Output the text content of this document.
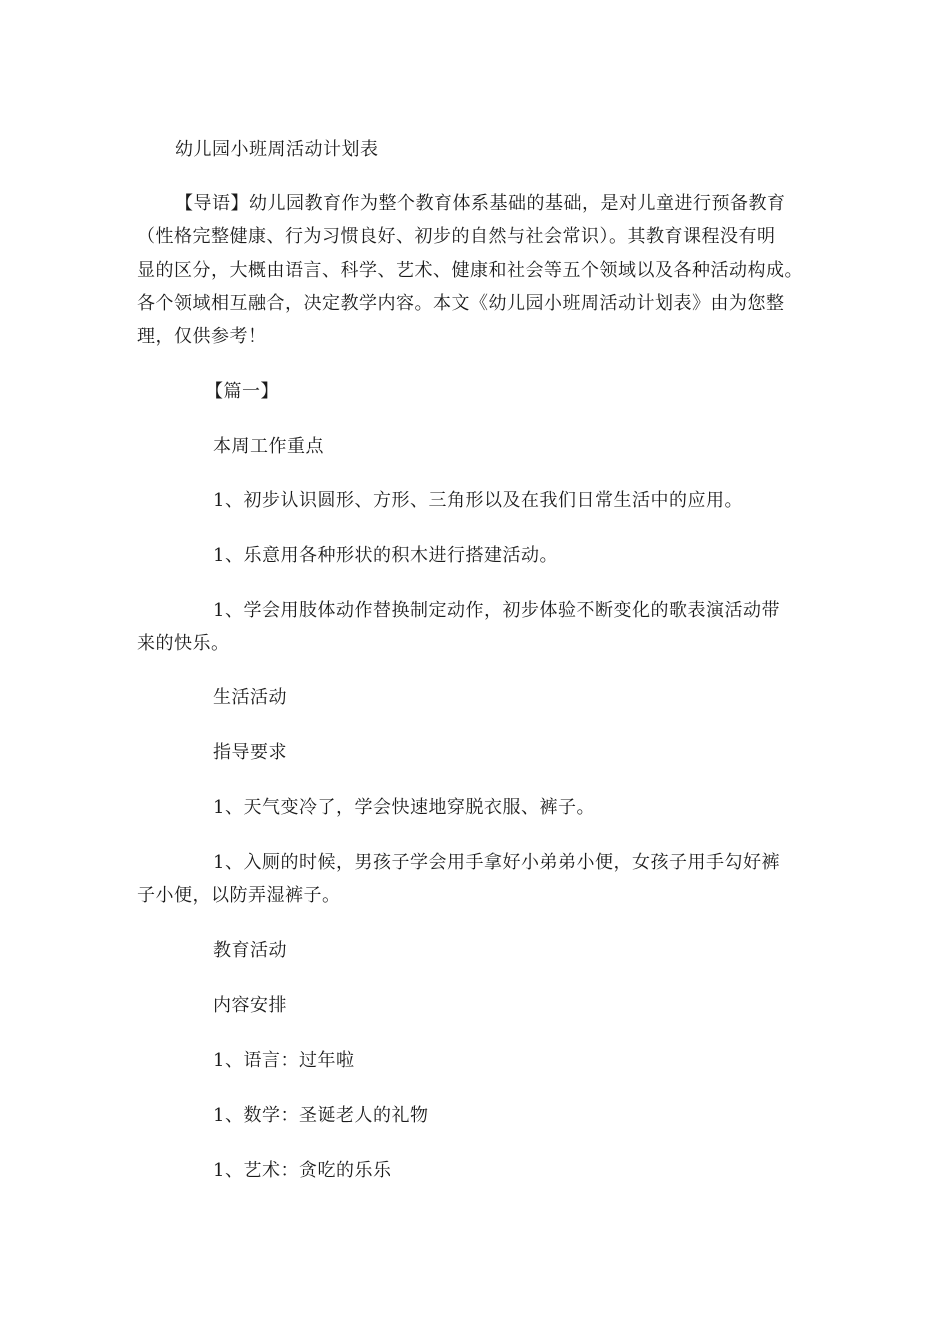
幼儿园小班周活动计划表
【导语】幼儿园教育作为整个教育体系基础的基础，是对儿童进行预备教育
（性格完整健康、行为习惯良好、初步的自然与社会常识）。其教育课程没有明
显的区分，大概由语言、科学、艺术、健康和社会等五个领域以及各种活动构成。
各个领域相互融合，决定教学内容。本文《幼儿园小班周活动计划表》由为您整
理，仅供参考！
【篇一】
本周工作重点
1、初步认识圆形、方形、三角形以及在我们日常生活中的应用。
1、乐意用各种形状的积木进行搭建活动。
1、学会用肢体动作替换制定动作，初步体验不断变化的歌表演活动带
来的快乐。
生活活动
指导要求
1、天气变冷了，学会快速地穿脱衣服、裤子。
1、入厕的时候，男孩子学会用手拿好小弟弟小便，女孩子用手勾好裤
子小便，以防弄湿裤子。
教育活动
内容安排
1、语言：过年啦
1、数学：圣诞老人的礼物
1、艺术：贪吃的乐乐
